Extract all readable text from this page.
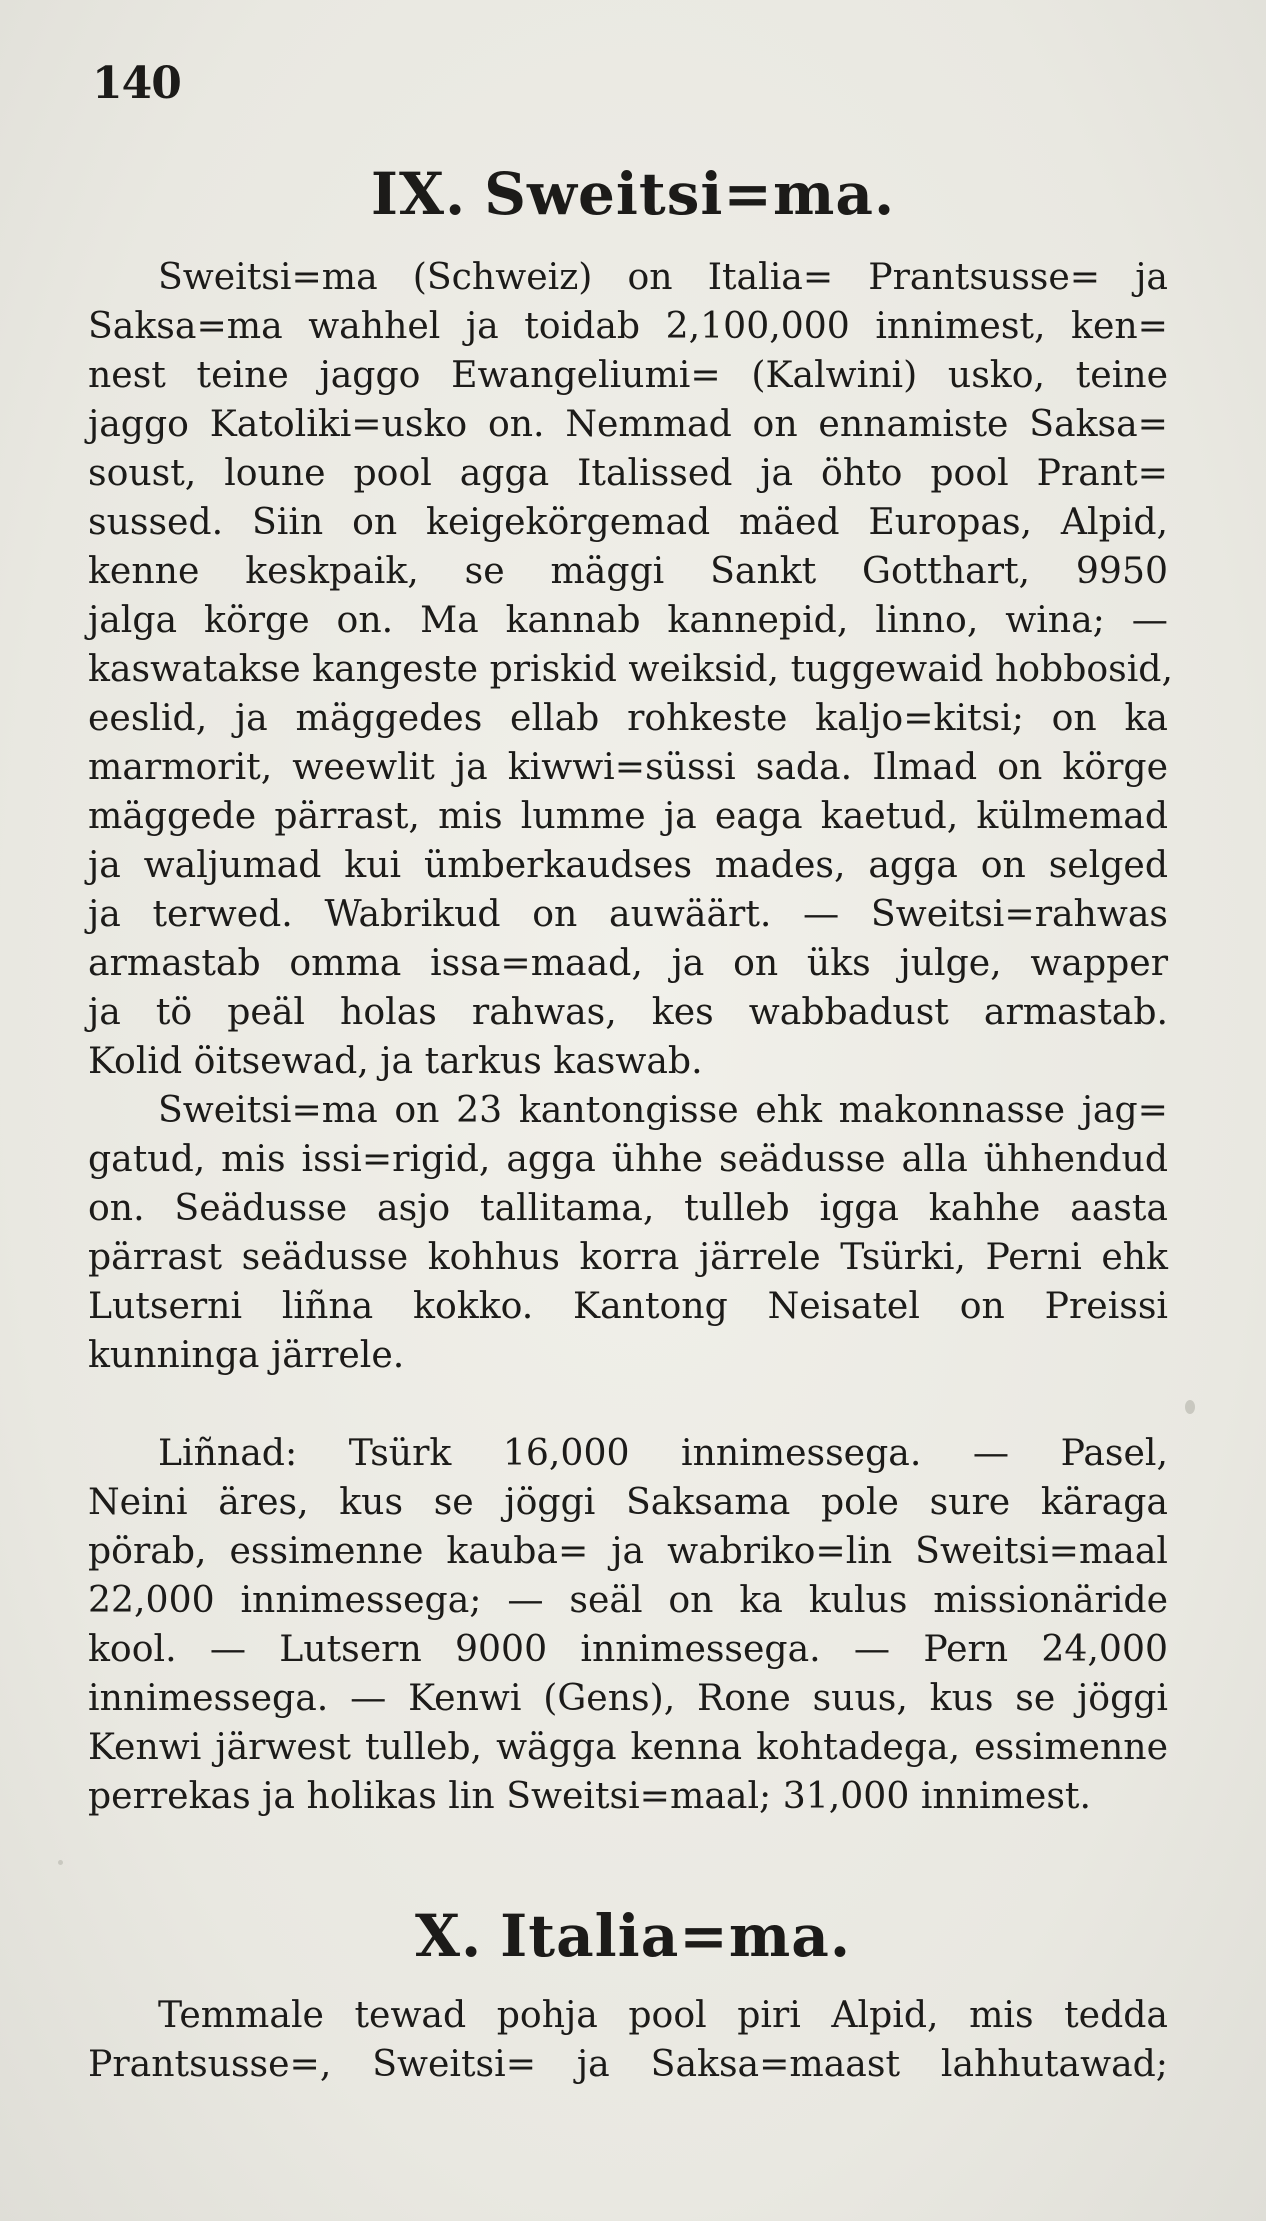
140
IX. Sweitsi=ma.
Sweitsi=ma (Schweiz) on Italia= Prantsusse= ja
Saksa=ma wahhel ja toidab 2,100,000 innimest, ken=
nest teine jaggo Ewangeliumi= (Kalwini) usko, teine
jaggo Katoliki=usko on. Nemmad on ennamiste Saksa=
soust, loune pool agga Italissed ja öhto pool Prant=
sussed. Siin on keigekörgemad mäed Europas, Alpid,
kenne keskpaik, se mäggi Sankt Gotthart, 9950
jalga körge on. Ma kannab kannepid, linno, wina; —
kaswatakse kangeste priskid weiksid, tuggewaid hobbosid,
eeslid, ja mäggedes ellab rohkeste kaljo=kitsi; on ka
marmorit, weewlit ja kiwwi=süssi sada. Ilmad on körge
mäggede pärrast, mis lumme ja eaga kaetud, külmemad
ja waljumad kui ümberkaudses mades, agga on selged
ja terwed. Wabrikud on auwäärt. — Sweitsi=rahwas
armastab omma issa=maad, ja on üks julge, wapper
ja tö peäl holas rahwas, kes wabbadust armastab.
Kolid öitsewad, ja tarkus kaswab.
Sweitsi=ma on 23 kantongisse ehk makonnasse jag=
gatud, mis issi=rigid, agga ühhe seädusse alla ühhendud
on. Seädusse asjo tallitama, tulleb igga kahhe aasta
pärrast seädusse kohhus korra järrele Tsürki, Perni ehk
Lutserni liñna kokko. Kantong Neisatel on Preissi
kunninga järrele.
Liñnad: Tsürk 16,000 innimessega. — Pasel,
Neini äres, kus se jöggi Saksama pole sure käraga
pörab, essimenne kauba= ja wabriko=lin Sweitsi=maal
22,000 innimessega; — seäl on ka kulus missionäride
kool. — Lutsern 9000 innimessega. — Pern 24,000
innimessega. — Kenwi (Gens), Rone suus, kus se jöggi
Kenwi järwest tulleb, wägga kenna kohtadega, essimenne
perrekas ja holikas lin Sweitsi=maal; 31,000 innimest.
X. Italia=ma.
Temmale tewad pohja pool piri Alpid, mis tedda
Prantsusse=, Sweitsi= ja Saksa=maast lahhutawad;
